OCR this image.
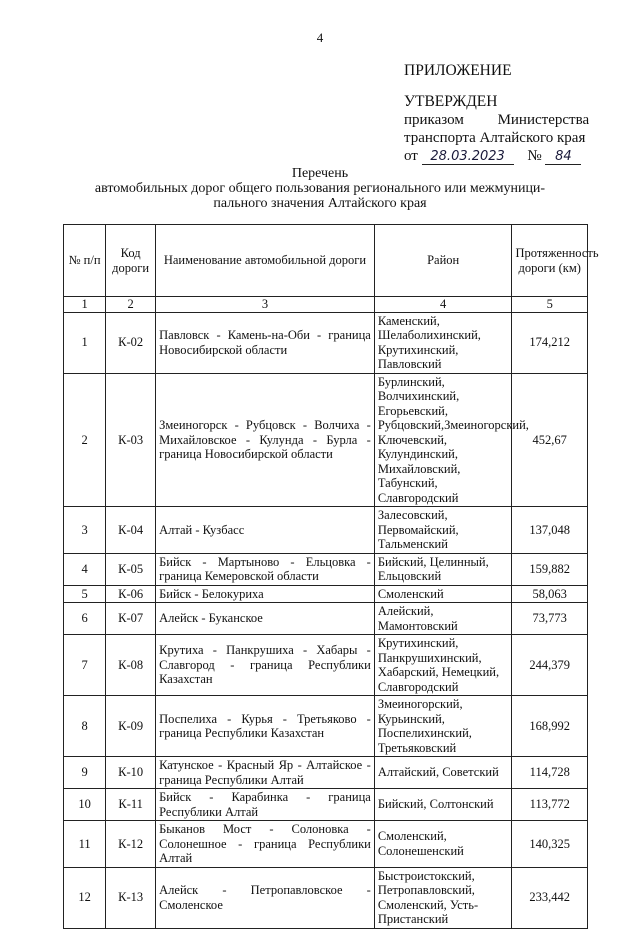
4
ПРИЛОЖЕНИЕ
УТВЕРЖДЕН
приказом         Министерства
транспорта Алтайского края
от 28.03.2023 № 84
Перечень
автомобильных дорог общего пользования регионального или межмуници-
пального значения Алтайского края
№ п/п	Код дороги	Наименование автомобильной дороги	Район	Протяженность дороги (км)
1	2	3	4	5
1	К-02	Павловск - Камень-на-Оби - граница Новосибирской области	Каменский, Шелаболихинский, Крутихинский, Павловский	174,212
2	К-03	Змеиногорск - Рубцовск - Волчиха - Михайловское - Кулунда - Бурла - граница Новосибирской области	Бурлинский, Волчихинский, Егорьевский, Рубцовский,Змеиногорский, Ключевский, Кулундинский, Михайловский, Табунский, Славгородский	452,67
3	К-04	Алтай - Кузбасс	Залесовский, Первомайский, Тальменский	137,048
4	К-05	Бийск - Мартыново - Ельцовка - граница Кемеровской области	Бийский, Целинный, Ельцовский	159,882
5	К-06	Бийск - Белокуриха	Смоленский	58,063
6	К-07	Алейск - Буканское	Алейский, Мамонтовский	73,773
7	К-08	Крутиха - Панкрушиха - Хабары - Славгород - граница Республики Казахстан	Крутихинский, Панкрушихинский, Хабарский, Немецкий, Славгородский	244,379
8	К-09	Поспелиха - Курья - Третьяково - граница Республики Казахстан	Змеиногорский, Курьинский, Поспелихинский, Третьяковский	168,992
9	К-10	Катунское - Красный Яр - Алтайское - граница Республики Алтай	Алтайский, Советский	114,728
10	К-11	Бийск - Карабинка - граница Республики Алтай	Бийский, Солтонский	113,772
11	К-12	Быканов Мост - Солоновка - Солонешное - граница Республики Алтай	Смоленский, Солонешенский	140,325
12	К-13	Алейск - Петропавловское - Смоленское	Быстроистокский, Петропавловский, Смоленский, Усть-Пристанский	233,442
